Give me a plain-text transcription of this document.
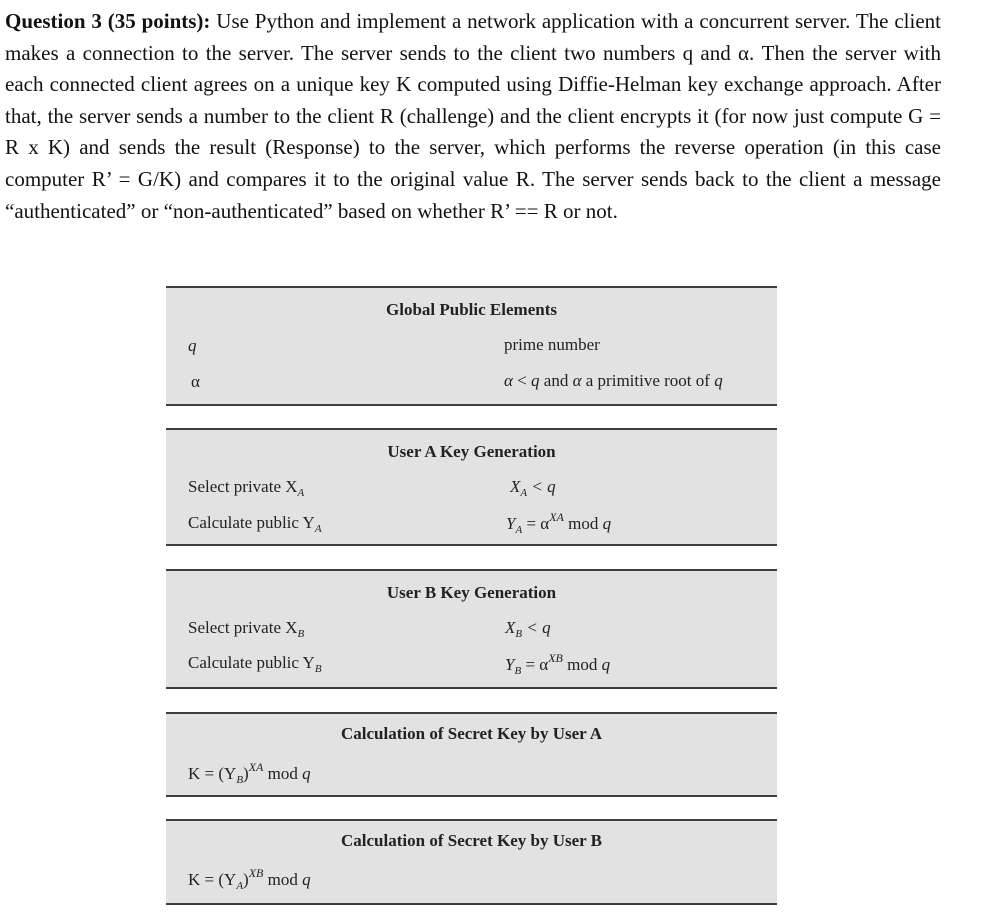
Question 3 (35 points): Use Python and implement a network application with a concurrent server. The client makes a connection to the server. The server sends to the client two numbers q and α. Then the server with each connected client agrees on a unique key K computed using Diffie-Helman key exchange approach. After that, the server sends a number to the client R (challenge) and the client encrypts it (for now just compute G = R x K) and sends the result (Response) to the server, which performs the reverse operation (in this case computer R’ = G/K) and compares it to the original value R. The server sends back to the client a message “authenticated” or “non-authenticated” based on whether R’ == R or not.

Global Public Elements
q	prime number
α	α < q and α a primitive root of q
User A Key Generation
Select private $X_A$
Calculate public $Y_A$
$X_A < q$
$Y_A = \alpha^{XA}$ mod q
User B Key Generation
Select private $X_B$
Calculate public $Y_B$
$X_B < q$
$Y_B = \alpha^{XB}$ mod q
Calculation of Secret Key by User A
$K = (Y_B)^{XA}$ mod q
Calculation of Secret Key by User B
$K = (Y_A)^{XB}$ mod q
